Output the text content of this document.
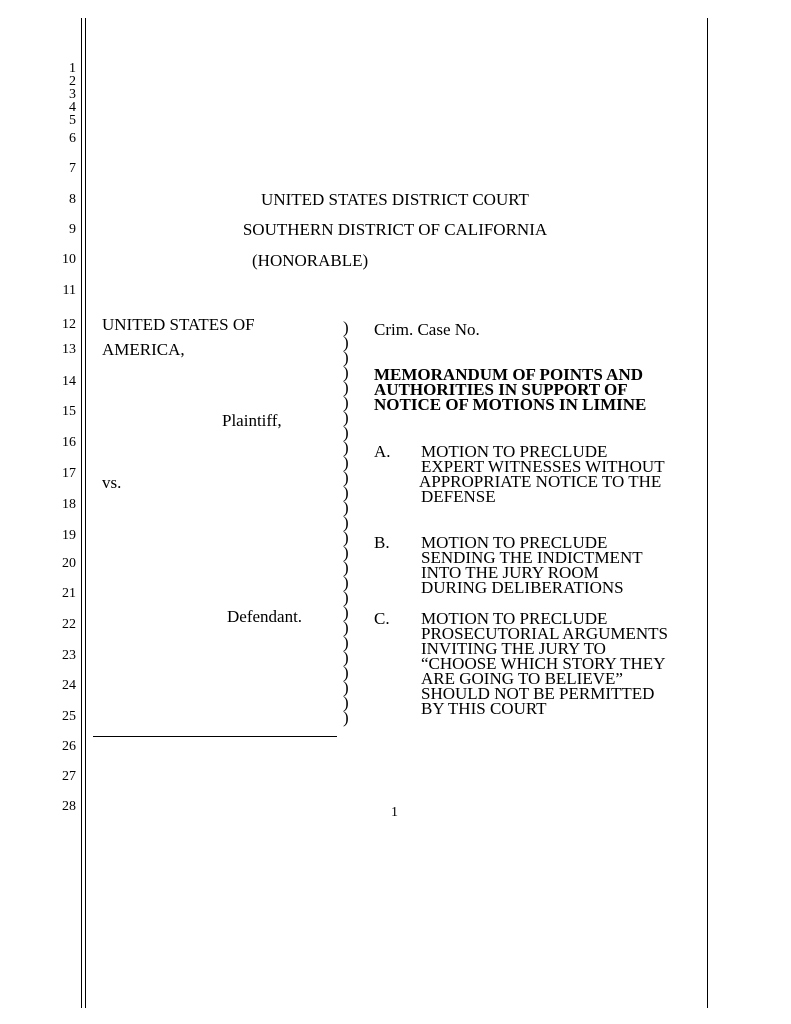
1
2
3
4
5
6
7
8
9
10
11
12
13
14
15
16
17
18
19
20
21
22
23
24
25
26
27
28
UNITED STATES DISTRICT COURT
SOUTHERN DISTRICT OF CALIFORNIA
(HONORABLE)
UNITED STATES OF
AMERICA,
Plaintiff,
vs.
Defendant.
)
)
)
)
)
)
)
)
)
)
)
)
)
)
)
)
)
)
)
)
)
)
)
)
)
)
)
Crim. Case No.
MEMORANDUM OF POINTS AND
AUTHORITIES IN SUPPORT OF
NOTICE OF MOTIONS IN LIMINE
A. MOTION TO PRECLUDE
EXPERT WITNESSES WITHOUT
APPROPRIATE NOTICE TO THE
DEFENSE
B. MOTION TO PRECLUDE
SENDING THE INDICTMENT
INTO THE JURY ROOM
DURING DELIBERATIONS
C. MOTION TO PRECLUDE
PROSECUTORIAL ARGUMENTS
INVITING THE JURY TO
“CHOOSE WHICH STORY THEY
ARE GOING TO BELIEVE”
SHOULD NOT BE PERMITTED
BY THIS COURT
1
